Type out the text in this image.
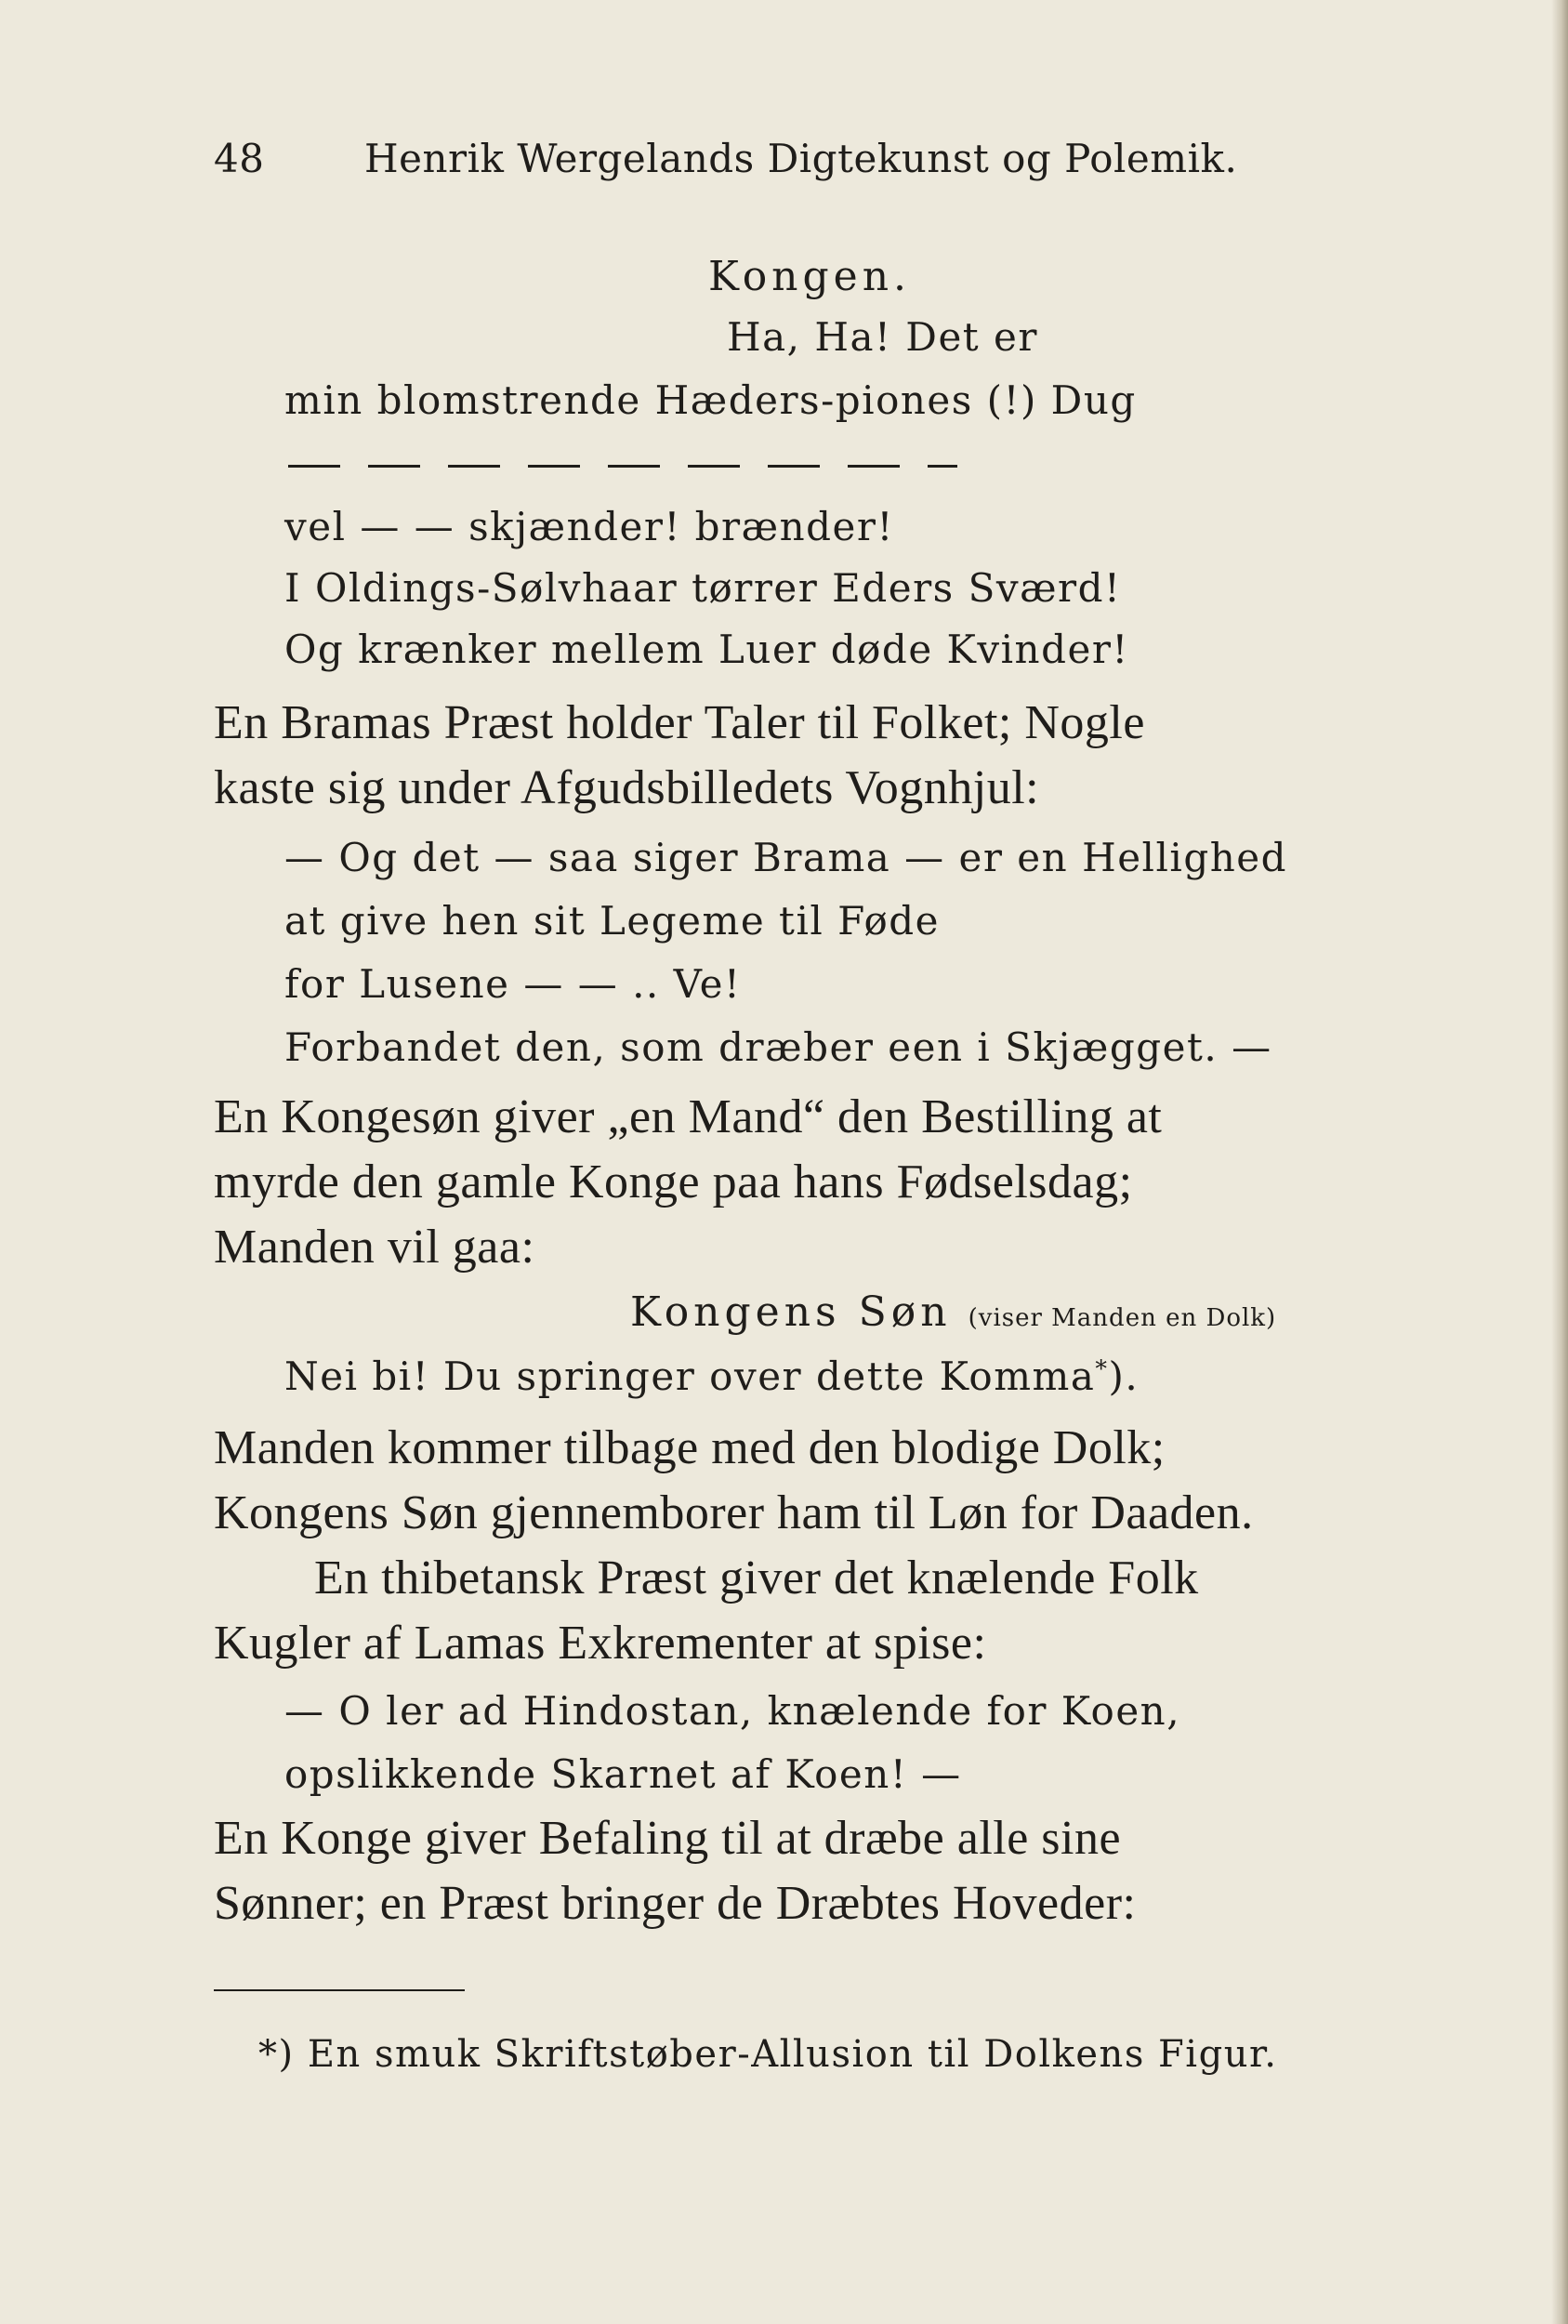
48	Henrik Wergelands Digtekunst og Polemik.
Kongen.
Ha, Ha! Det er
min blomstrende Hæders-piones (!) Dug
vel — — skjænder! brænder!
I Oldings-Sølvhaar tørrer Eders Sværd!
Og krænker mellem Luer døde Kvinder!
En Bramas Præst holder Taler til Folket; Nogle
kaste sig under Afgudsbilledets Vognhjul:
— Og det — saa siger Brama — er en Hellighed
at give hen sit Legeme til Føde
for Lusene — — .. Ve!
Forbandet den, som dræber een i Skjægget. —
En Kongesøn giver „en Mand“ den Bestilling at
myrde den gamle Konge paa hans Fødselsdag;
Manden vil gaa:
Kongens Søn (viser Manden en Dolk)
Nei bi! Du springer over dette Komma*).
Manden kommer tilbage med den blodige Dolk;
Kongens Søn gjennemborer ham til Løn for Daaden.
En thibetansk Præst giver det knælende Folk
Kugler af Lamas Exkrementer at spise:
— O ler ad Hindostan, knælende for Koen,
opslikkende Skarnet af Koen! —
En Konge giver Befaling til at dræbe alle sine
Sønner; en Præst bringer de Dræbtes Hoveder:
*) En smuk Skriftstøber-Allusion til Dolkens Figur.
